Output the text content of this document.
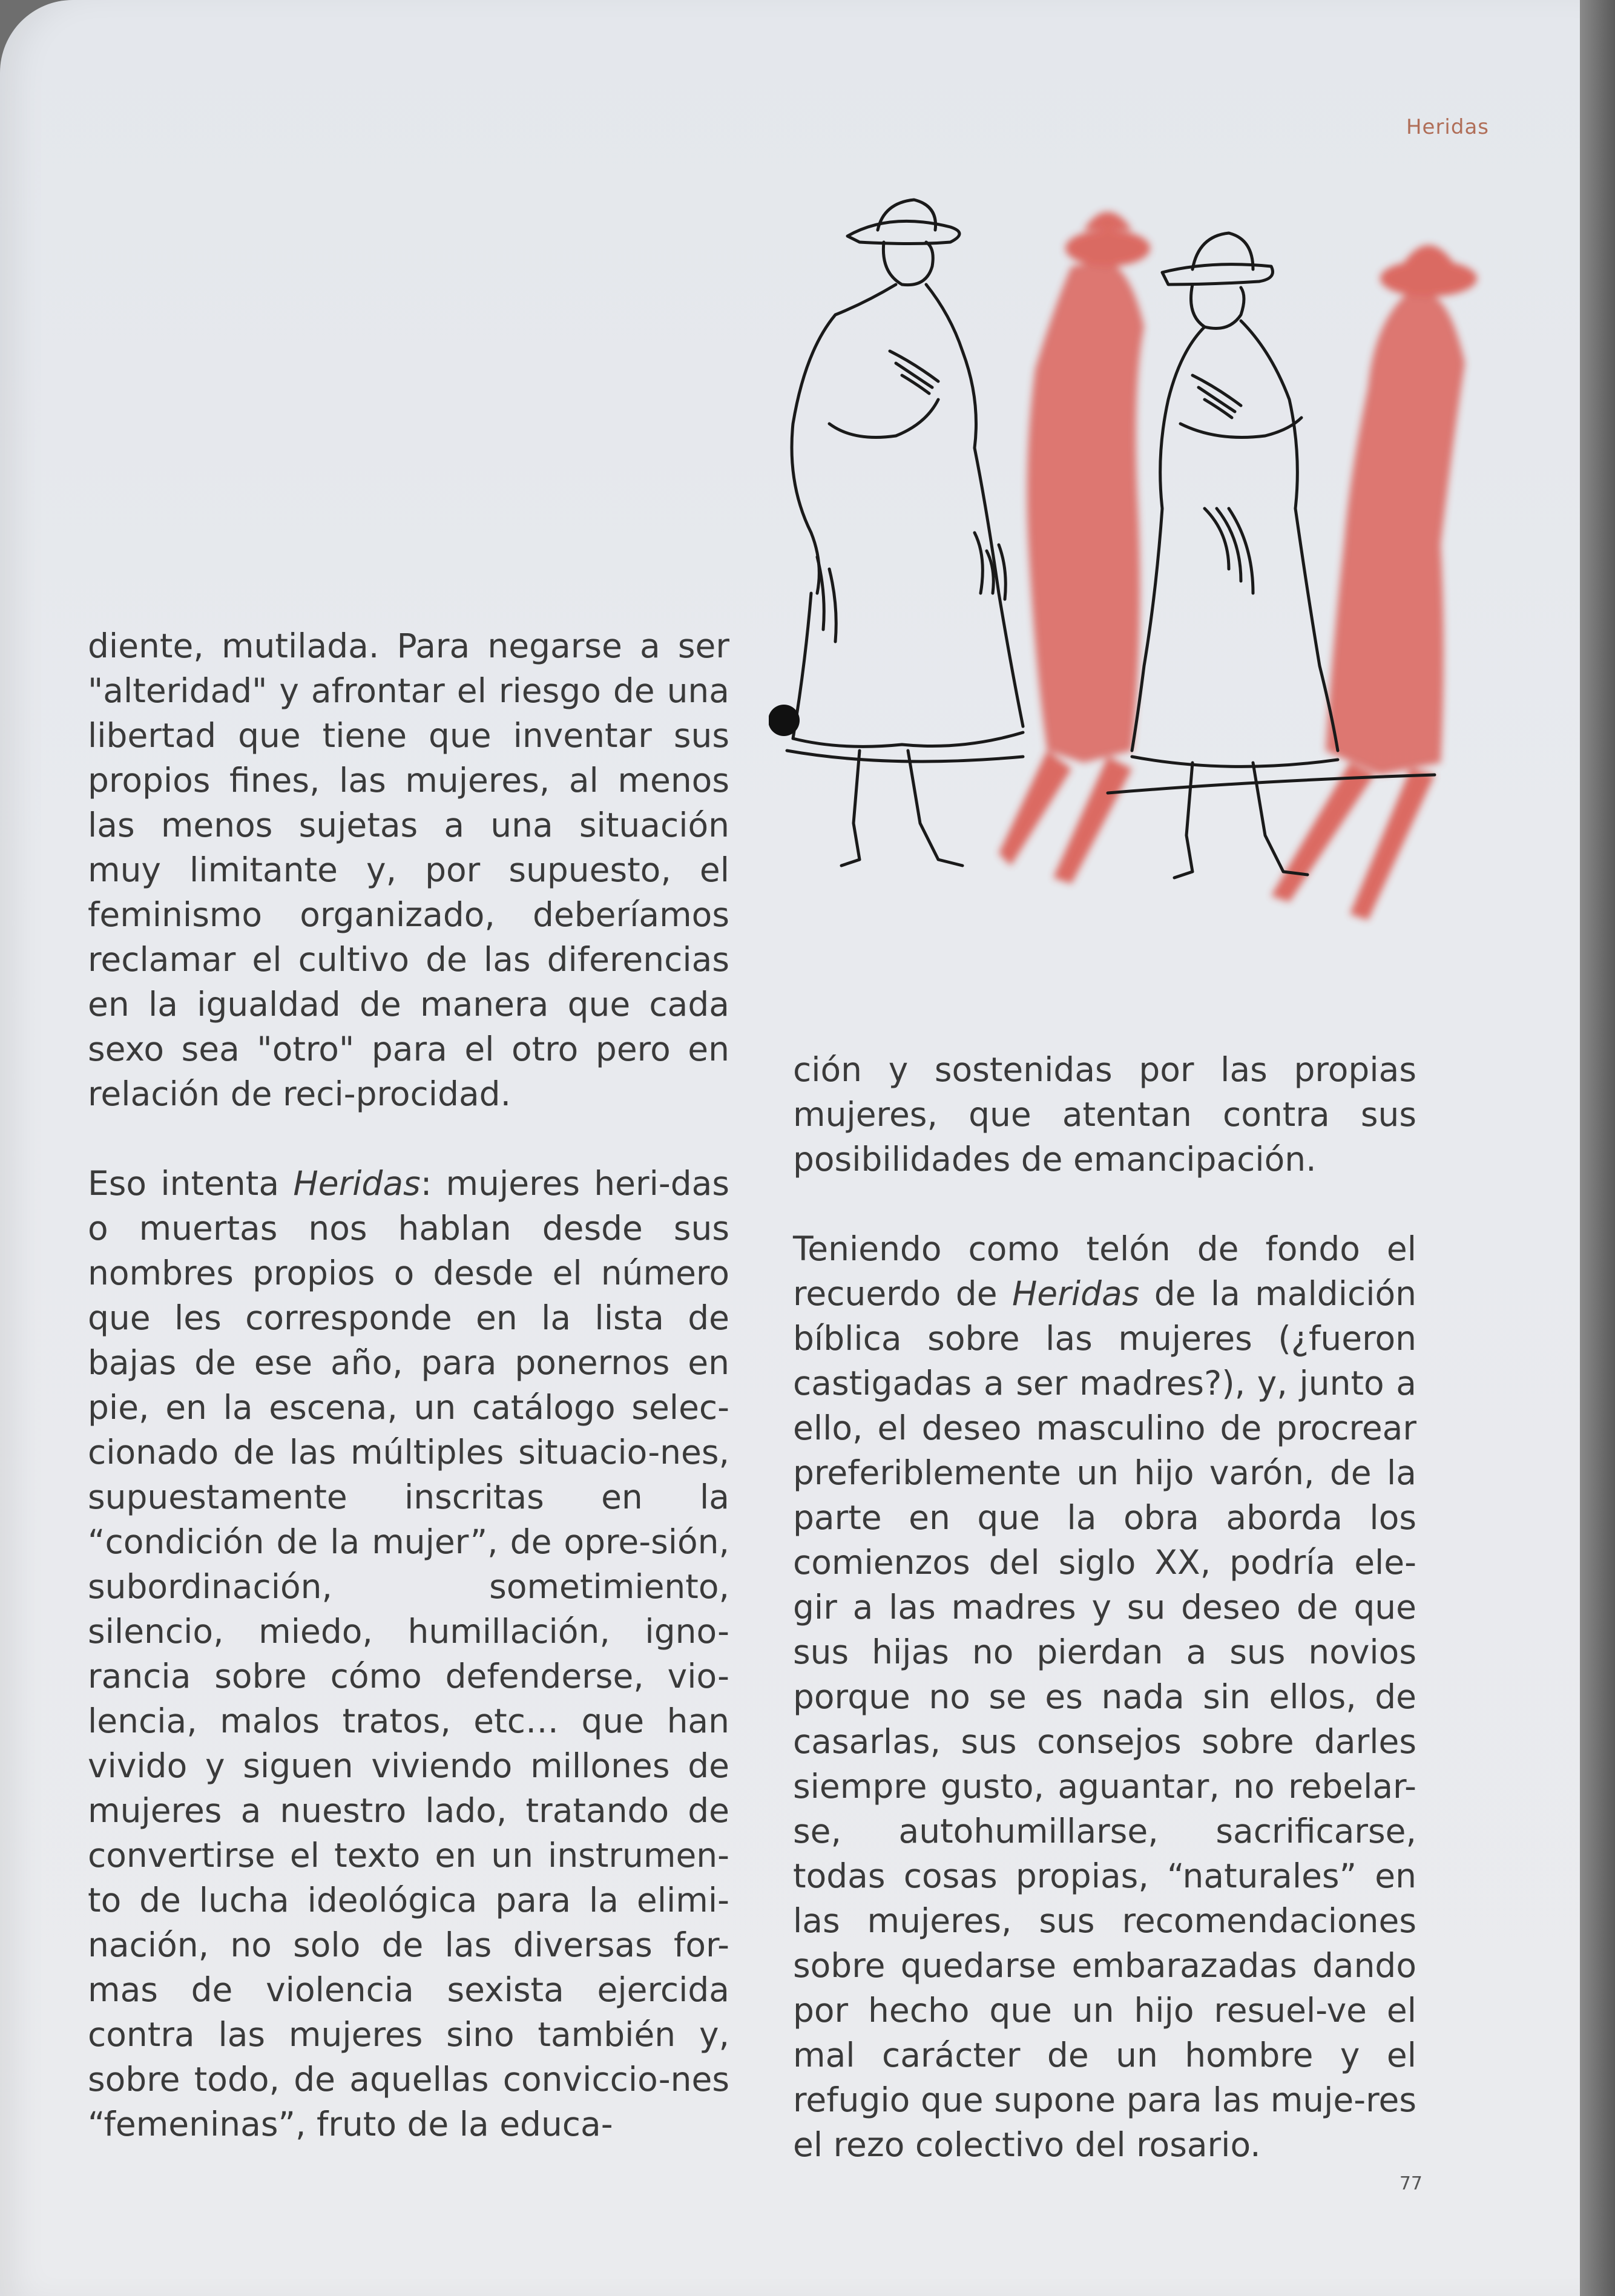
Heridas

diente, mutilada. Para negarse a ser "alteridad" y afrontar el riesgo de una libertad que tiene que inventar sus propios fines, las mujeres, al menos las menos sujetas a una situación muy limitante y, por supuesto, el feminismo organizado, deberíamos reclamar el cultivo de las diferencias en la igualdad de manera que cada sexo sea "otro" para el otro pero en relación de reci-procidad.

Eso intenta Heridas: mujeres heri-das o muertas nos hablan desde sus nombres propios o desde el número que les corresponde en la lista de bajas de ese año, para ponernos en pie, en la escena, un catálogo selec-cionado de las múltiples situacio-nes, supuestamente inscritas en la “condición de la mujer”, de opre-sión, subordinación, sometimiento, silencio, miedo, humillación, igno-rancia sobre cómo defenderse, vio-lencia, malos tratos, etc… que han vivido y siguen viviendo millones de mujeres a nuestro lado, tratando de convertirse el texto en un instrumen-to de lucha ideológica para la elimi-nación, no solo de las diversas for-mas de violencia sexista ejercida contra las mujeres sino también y, sobre todo, de aquellas conviccio-nes “femeninas”, fruto de la educa-

ción y sostenidas por las propias mujeres, que atentan contra sus posibilidades de emancipación.

Teniendo como telón de fondo el recuerdo de Heridas de la maldición bíblica sobre las mujeres (¿fueron castigadas a ser madres?), y, junto a ello, el deseo masculino de procrear preferiblemente un hijo varón, de la parte en que la obra aborda los comienzos del siglo XX, podría ele-gir a las madres y su deseo de que sus hijas no pierdan a sus novios porque no se es nada sin ellos, de casarlas, sus consejos sobre darles siempre gusto, aguantar, no rebelar-se, autohumillarse, sacrificarse, todas cosas propias, “naturales” en las mujeres, sus recomendaciones sobre quedarse embarazadas dando por hecho que un hijo resuel-ve el mal carácter de un hombre y el refugio que supone para las muje-res el rezo colectivo del rosario.

77
